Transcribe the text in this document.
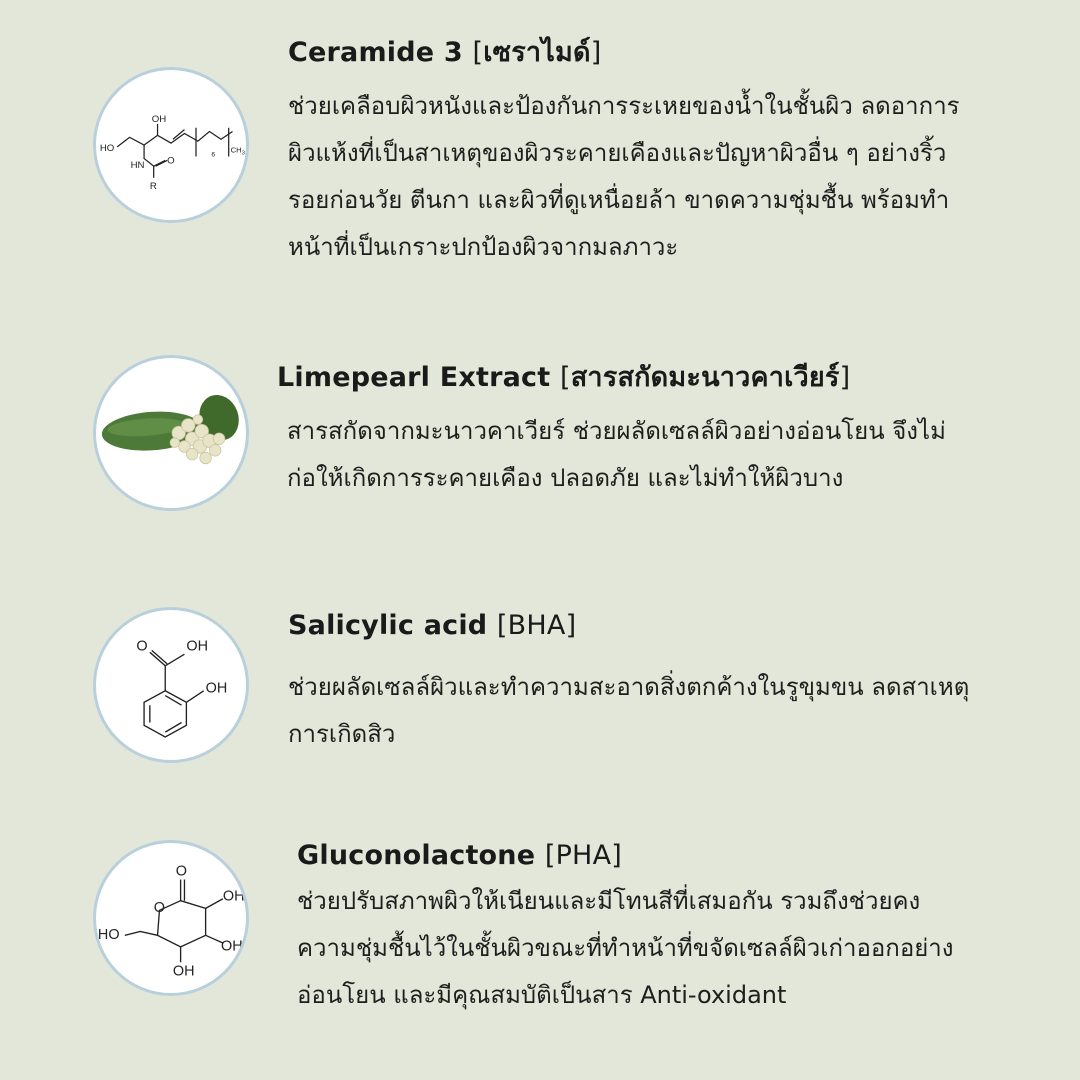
HO
OH
HN O
R
6
$CH_3$
Ceramide 3 [เซราไมด์]

ช่วยเคลือบผิวหนังและป้องกันการระเหยของน้ำในชั้นผิว ลดอาการ
ผิวแห้งที่เป็นสาเหตุของผิวระคายเคืองและปัญหาผิวอื่น ๆ อย่างริ้ว
รอยก่อนวัย ตีนกา และผิวที่ดูเหนื่อยล้า ขาดความชุ่มชื้น พร้อมทำ
หน้าที่เป็นเกราะปกป้องผิวจากมลภาวะ

Limepearl Extract [สารสกัดมะนาวคาเวียร์]

สารสกัดจากมะนาวคาเวียร์ ช่วยผลัดเซลล์ผิวอย่างอ่อนโยน จึงไม่
ก่อให้เกิดการระคายเคือง ปลอดภัย และไม่ทำให้ผิวบาง

O	OH
OH
Salicylic acid [BHA]

ช่วยผลัดเซลล์ผิวและทำความสะอาดสิ่งตกค้างในรูขุมขน ลดสาเหตุ
การเกิดสิว

O
O
OH
OH
OH
HO
Gluconolactone [PHA]

ช่วยปรับสภาพผิวให้เนียนและมีโทนสีที่เสมอกัน รวมถึงช่วยคง
ความชุ่มชื้นไว้ในชั้นผิวขณะที่ทำหน้าที่ขจัดเซลล์ผิวเก่าออกอย่าง
อ่อนโยน และมีคุณสมบัติเป็นสาร Anti-oxidant
